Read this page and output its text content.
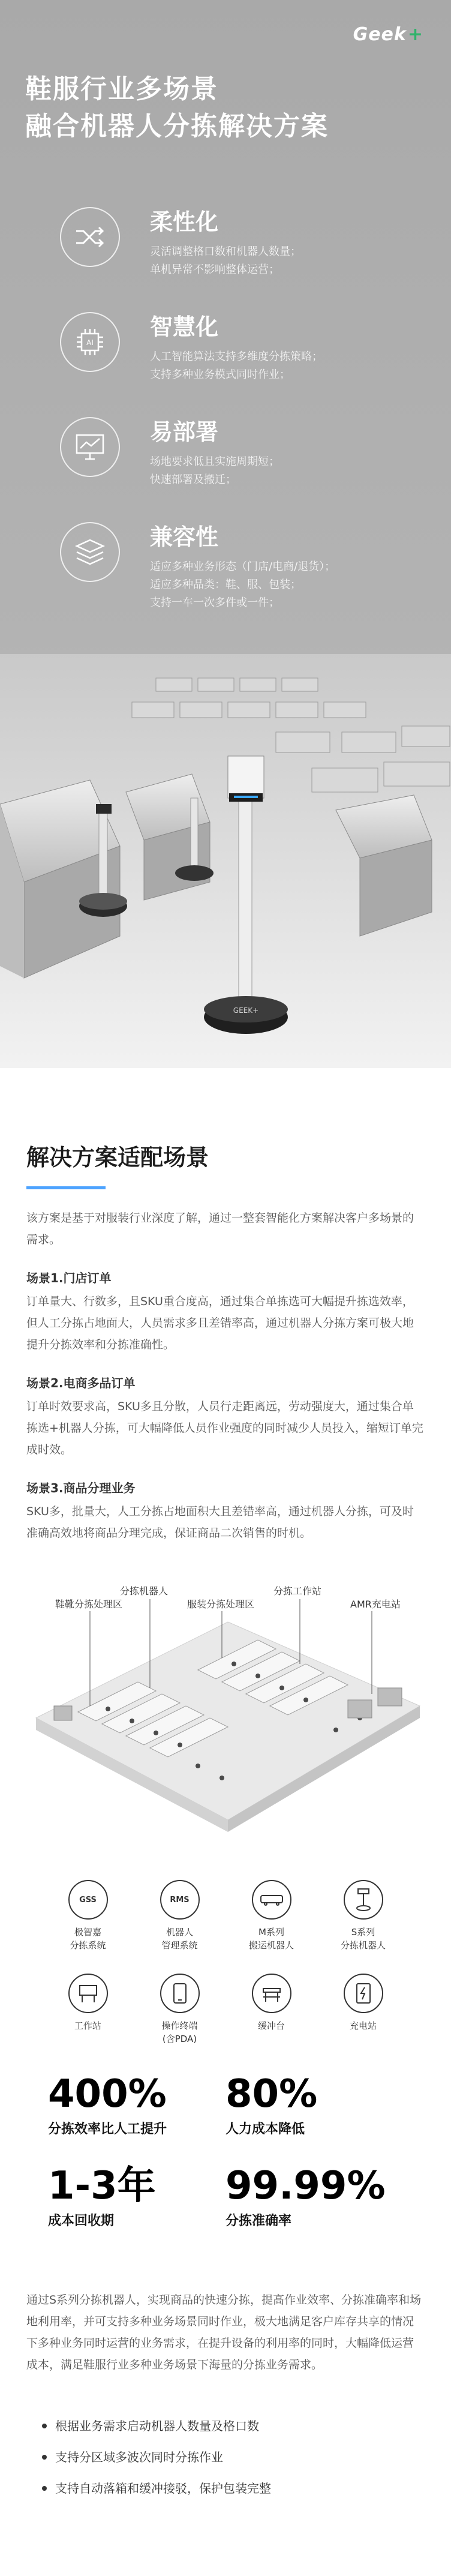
Geek+
鞋服行业多场景
融合机器人分拣解决方案
柔性化
灵活调整格口数和机器人数量；
单机异常不影响整体运营；
AI
智慧化
人工智能算法支持多维度分拣策略；
支持多种业务模式同时作业；
易部署
场地要求低且实施周期短；
快速部署及搬迁；
兼容性
适应多种业务形态（门店/电商/退货）；
适应多种品类：鞋、服、包装；
支持一车一次多件或一件；
GEEK+
解决方案适配场景

该方案是基于对服装行业深度了解，通过一整套智能化方案解决客户多场景的需求。

场景1.门店订单

订单量大、行数多，且SKU重合度高，通过集合单拣选可大幅提升拣选效率，但人工分拣占地面大，人员需求多且差错率高，通过机器人分拣方案可极大地提升分拣效率和分拣准确性。

场景2.电商多品订单

订单时效要求高，SKU多且分散，人员行走距离远，劳动强度大，通过集合单拣选+机器人分拣，可大幅降低人员作业强度的同时减少人员投入，缩短订单完成时效。

场景3.商品分理业务

SKU多，批量大，人工分拣占地面积大且差错率高，通过机器人分拣，可及时准确高效地将商品分理完成，保证商品二次销售的时机。

分拣机器人	分拣工作站
鞋靴分拣处理区	服装分拣处理区	AMR充电站
GSS
极智嘉
分拣系统
RMS
机器人
管理系统
M系列
搬运机器人
S系列
分拣机器人
工作站	操作终端
(含PDA)
缓冲台	充电站
400%
分拣效率比人工提升
80%
人力成本降低
1-3年
成本回收期
99.99%
分拣准确率

通过S系列分拣机器人，实现商品的快速分拣，提高作业效率、分拣准确率和场地利用率，并可支持多种业务场景同时作业，极大地满足客户库存共享的情况下多种业务同时运营的业务需求，在提升设备的利用率的同时，大幅降低运营成本，满足鞋服行业多种业务场景下海量的分拣业务需求。

根据业务需求启动机器人数量及格口数
支持分区域多波次同时分拣作业
支持自动落箱和缓冲接驳，保护包装完整
